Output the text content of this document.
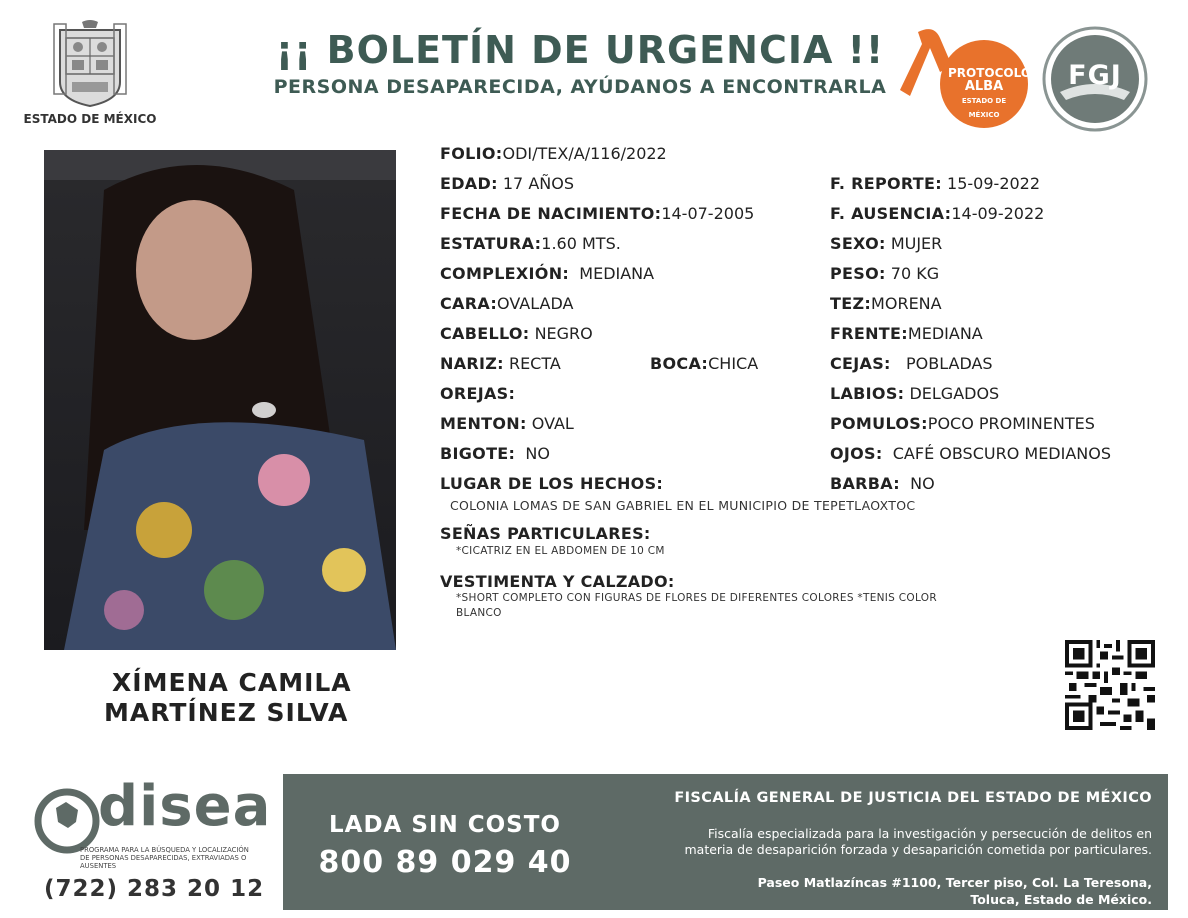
ESTADO DE MÉXICO
¡¡ BOLETÍN DE URGENCIA !!
PERSONA DESAPARECIDA, AYÚDANOS A ENCONTRARLA
PROTOCOLO
ALBA
ESTADO DE MÉXICO
FGJ
XÍMENA CAMILA
MARTÍNEZ SILVA
FOLIO:ODI/TEX/A/116/2022
EDAD: 17 AÑOS
FECHA DE NACIMIENTO:14-07-2005
ESTATURA:1.60 MTS.
COMPLEXIÓN: MEDIANA
CARA:OVALADA
CABELLO: NEGRO
NARIZ: RECTA	BOCA:CHICA
OREJAS:
MENTON: OVAL
BIGOTE: NO
LUGAR DE LOS HECHOS:
COLONIA LOMAS DE SAN GABRIEL EN EL MUNICIPIO DE TEPETLAOXTOC
SEÑAS PARTICULARES:
*CICATRIZ EN EL ABDOMEN DE 10 CM
VESTIMENTA Y CALZADO:
*SHORT COMPLETO CON FIGURAS DE FLORES DE DIFERENTES COLORES *TENIS COLOR
BLANCO
F. REPORTE: 15-09-2022
F. AUSENCIA:14-09-2022
SEXO: MUJER
PESO: 70 KG
TEZ:MORENA
FRENTE:MEDIANA
CEJAS: POBLADAS
LABIOS: DELGADOS
POMULOS:POCO PROMINENTES
OJOS: CAFÉ OBSCURO MEDIANOS
BARBA: NO
disea
PROGRAMA PARA LA BÚSQUEDA Y LOCALIZACIÓN
DE PERSONAS DESAPARECIDAS, EXTRAVIADAS O
AUSENTES
(722) 283 20 12
LADA SIN COSTO
800 89 029 40
FISCALÍA GENERAL DE JUSTICIA DEL ESTADO DE MÉXICO
Fiscalía especializada para la investigación y persecución de delitos en
materia de desaparición forzada y desaparición cometida por particulares.
Paseo Matlazíncas #1100, Tercer piso, Col. La Teresona,
Toluca, Estado de México.
